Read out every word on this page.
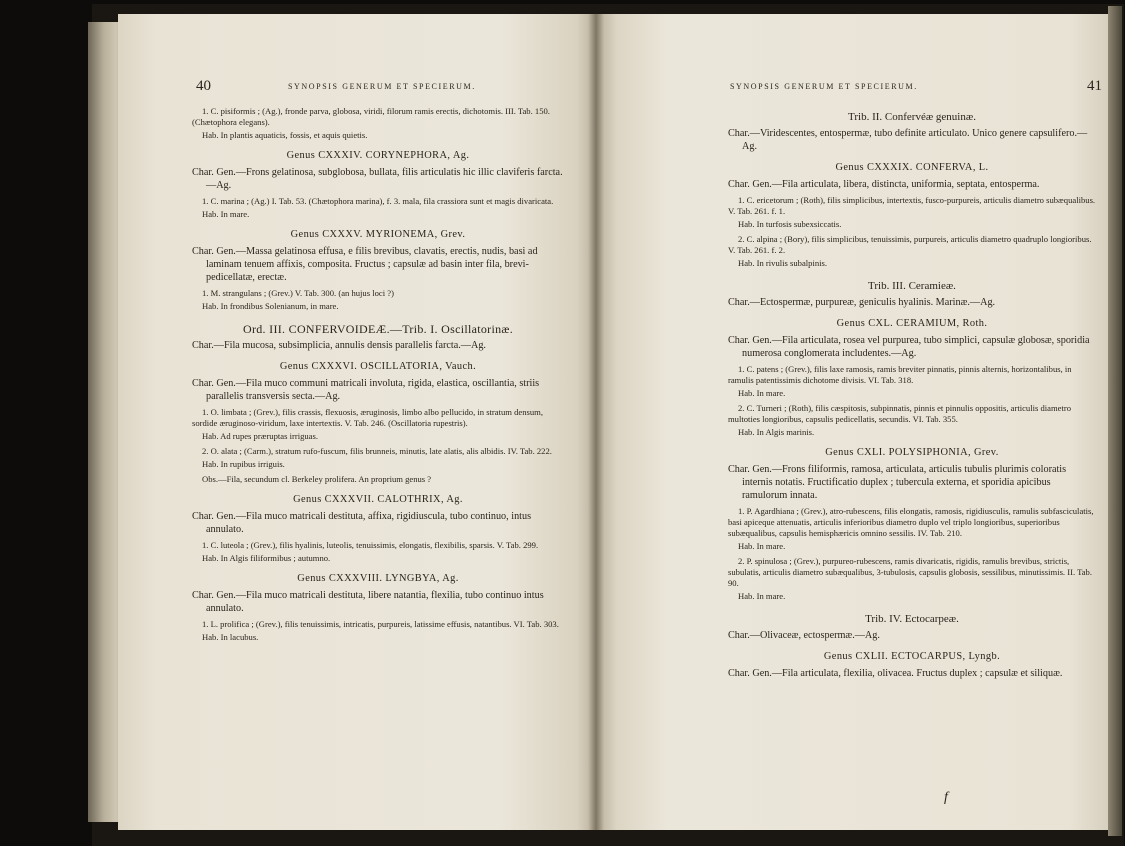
40	SYNOPSIS GENERUM ET SPECIERUM.
1. C. pisiformis ; (Ag.), fronde parva, globosa, viridi, filorum ramis erectis, dichotomis. III. Tab. 150. (Chætophora elegans).
Hab. In plantis aquaticis, fossis, et aquis quietis.
Genus CXXXIV. CORYNEPHORA, Ag.
Char. Gen.—Frons gelatinosa, subglobosa, bullata, filis articulatis hic illic claviferis farcta.—Ag.
1. C. marina ; (Ag.) I. Tab. 53. (Chætophora marina), f. 3. mala, fila crassiora sunt et magis divaricata.
Hab. In mare.
Genus CXXXV. MYRIONEMA, Grev.
Char. Gen.—Massa gelatinosa effusa, e filis brevibus, clavatis, erectis, nudis, basi ad laminam tenuem affixis, composita. Fructus ; capsulæ ad basin inter fila, brevi-pedicellatæ, erectæ.
1. M. strangulans ; (Grev.) V. Tab. 300. (an hujus loci ?)
Hab. In frondibus Solenianum, in mare.
Ord. III. CONFERVOIDEÆ.—Trib. I. Oscillatorinæ.
Char.—Fila mucosa, subsimplicia, annulis densis parallelis farcta.—Ag.
Genus CXXXVI. OSCILLATORIA, Vauch.
Char. Gen.—Fila muco communi matricali involuta, rigida, elastica, oscillantia, striis parallelis transversis secta.—Ag.
1. O. limbata ; (Grev.), filis crassis, flexuosis, æruginosis, limbo albo pellucido, in stratum densum, sordide æruginoso-viridum, laxe intertextis. V. Tab. 246. (Oscillatoria rupestris).
Hab. Ad rupes præruptas irriguas.
2. O. alata ; (Carm.), stratum rufo-fuscum, filis brunneis, minutis, late alatis, alis albidis. IV. Tab. 222.
Hab. In rupibus irriguis.
Obs.—Fila, secundum cl. Berkeley prolifera. An proprium genus ?
Genus CXXXVII. CALOTHRIX, Ag.
Char. Gen.—Fila muco matricali destituta, affixa, rigidiuscula, tubo continuo, intus annulato.
1. C. luteola ; (Grev.), filis hyalinis, luteolis, tenuissimis, elongatis, flexibilis, sparsis. V. Tab. 299.
Hab. In Algis filiformibus ; autumno.
Genus CXXXVIII. LYNGBYA, Ag.
Char. Gen.—Fila muco matricali destituta, libere natantia, flexilia, tubo continuo intus annulato.
1. L. prolifica ; (Grev.), filis tenuissimis, intricatis, purpureis, latissime effusis, natantibus. VI. Tab. 303.
Hab. In lacubus.
SYNOPSIS GENERUM ET SPECIERUM.	41
Trib. II. Confervéæ genuinæ.
Char.—Viridescentes, entospermæ, tubo definite articulato. Unico genere capsulifero.—Ag.
Genus CXXXIX. CONFERVA, L.
Char. Gen.—Fila articulata, libera, distincta, uniformia, septata, entospermа.
1. C. ericetorum ; (Roth), filis simplicibus, intertextis, fusco-purpureis, articulis diametro subæqualibus. V. Tab. 261. f. 1.
Hab. In turfosis subexsiccatis.
2. C. alpina ; (Bory), filis simplicibus, tenuissimis, purpureis, articulis diametro quadruplo longioribus. V. Tab. 261. f. 2.
Hab. In rivulis subalpinis.
Trib. III. Ceramieæ.
Char.—Ectospermæ, purpureæ, geniculis hyalinis. Marinæ.—Ag.
Genus CXL. CERAMIUM, Roth.
Char. Gen.—Fila articulata, rosea vel purpurea, tubo simplici, capsulæ globosæ, sporidia numerosa conglomerata includentes.—Ag.
1. C. patens ; (Grev.), filis laxe ramosis, ramis breviter pinnatis, pinnis alternis, horizontalibus, in ramulis patentissimis dichotome divisis. VI. Tab. 318.
Hab. In mare.
2. C. Turneri ; (Roth), filis cæspitosis, subpinnatis, pinnis et pinnulis oppositis, articulis diametro multoties longioribus, capsulis pedicellatis, secundis. VI. Tab. 355.
Hab. In Algis marinis.
Genus CXLI. POLYSIPHONIA, Grev.
Char. Gen.—Frons filiformis, ramosa, articulata, articulis tubulis plurimis coloratis internis notatis. Fructificatio duplex ; tubercula externa, et sporidia apicibus ramulorum innata.
1. P. Agardhiana ; (Grev.), atro-rubescens, filis elongatis, ramosis, rigidiusculis, ramulis subfasciculatis, basi apiceque attenuatis, articulis inferioribus diametro duplo vel triplo longioribus, superioribus subæqualibus, capsulis hemisphæricis omnino sessilis. IV. Tab. 210.
Hab. In mare.
2. P. spinulosa ; (Grev.), purpureo-rubescens, ramis divaricatis, rigidis, ramulis brevibus, strictis, subulatis, articulis diametro subæqualibus, 3-tubulosis, capsulis globosis, sessilibus, minutissimis. II. Tab. 90.
Hab. In mare.
Trib. IV. Ectocarpeæ.
Char.—Olivaceæ, ectospermæ.—Ag.
Genus CXLII. ECTOCARPUS, Lyngb.
Char. Gen.—Fila articulata, flexilia, olivacea. Fructus duplex ; capsulæ et siliquæ.
f
